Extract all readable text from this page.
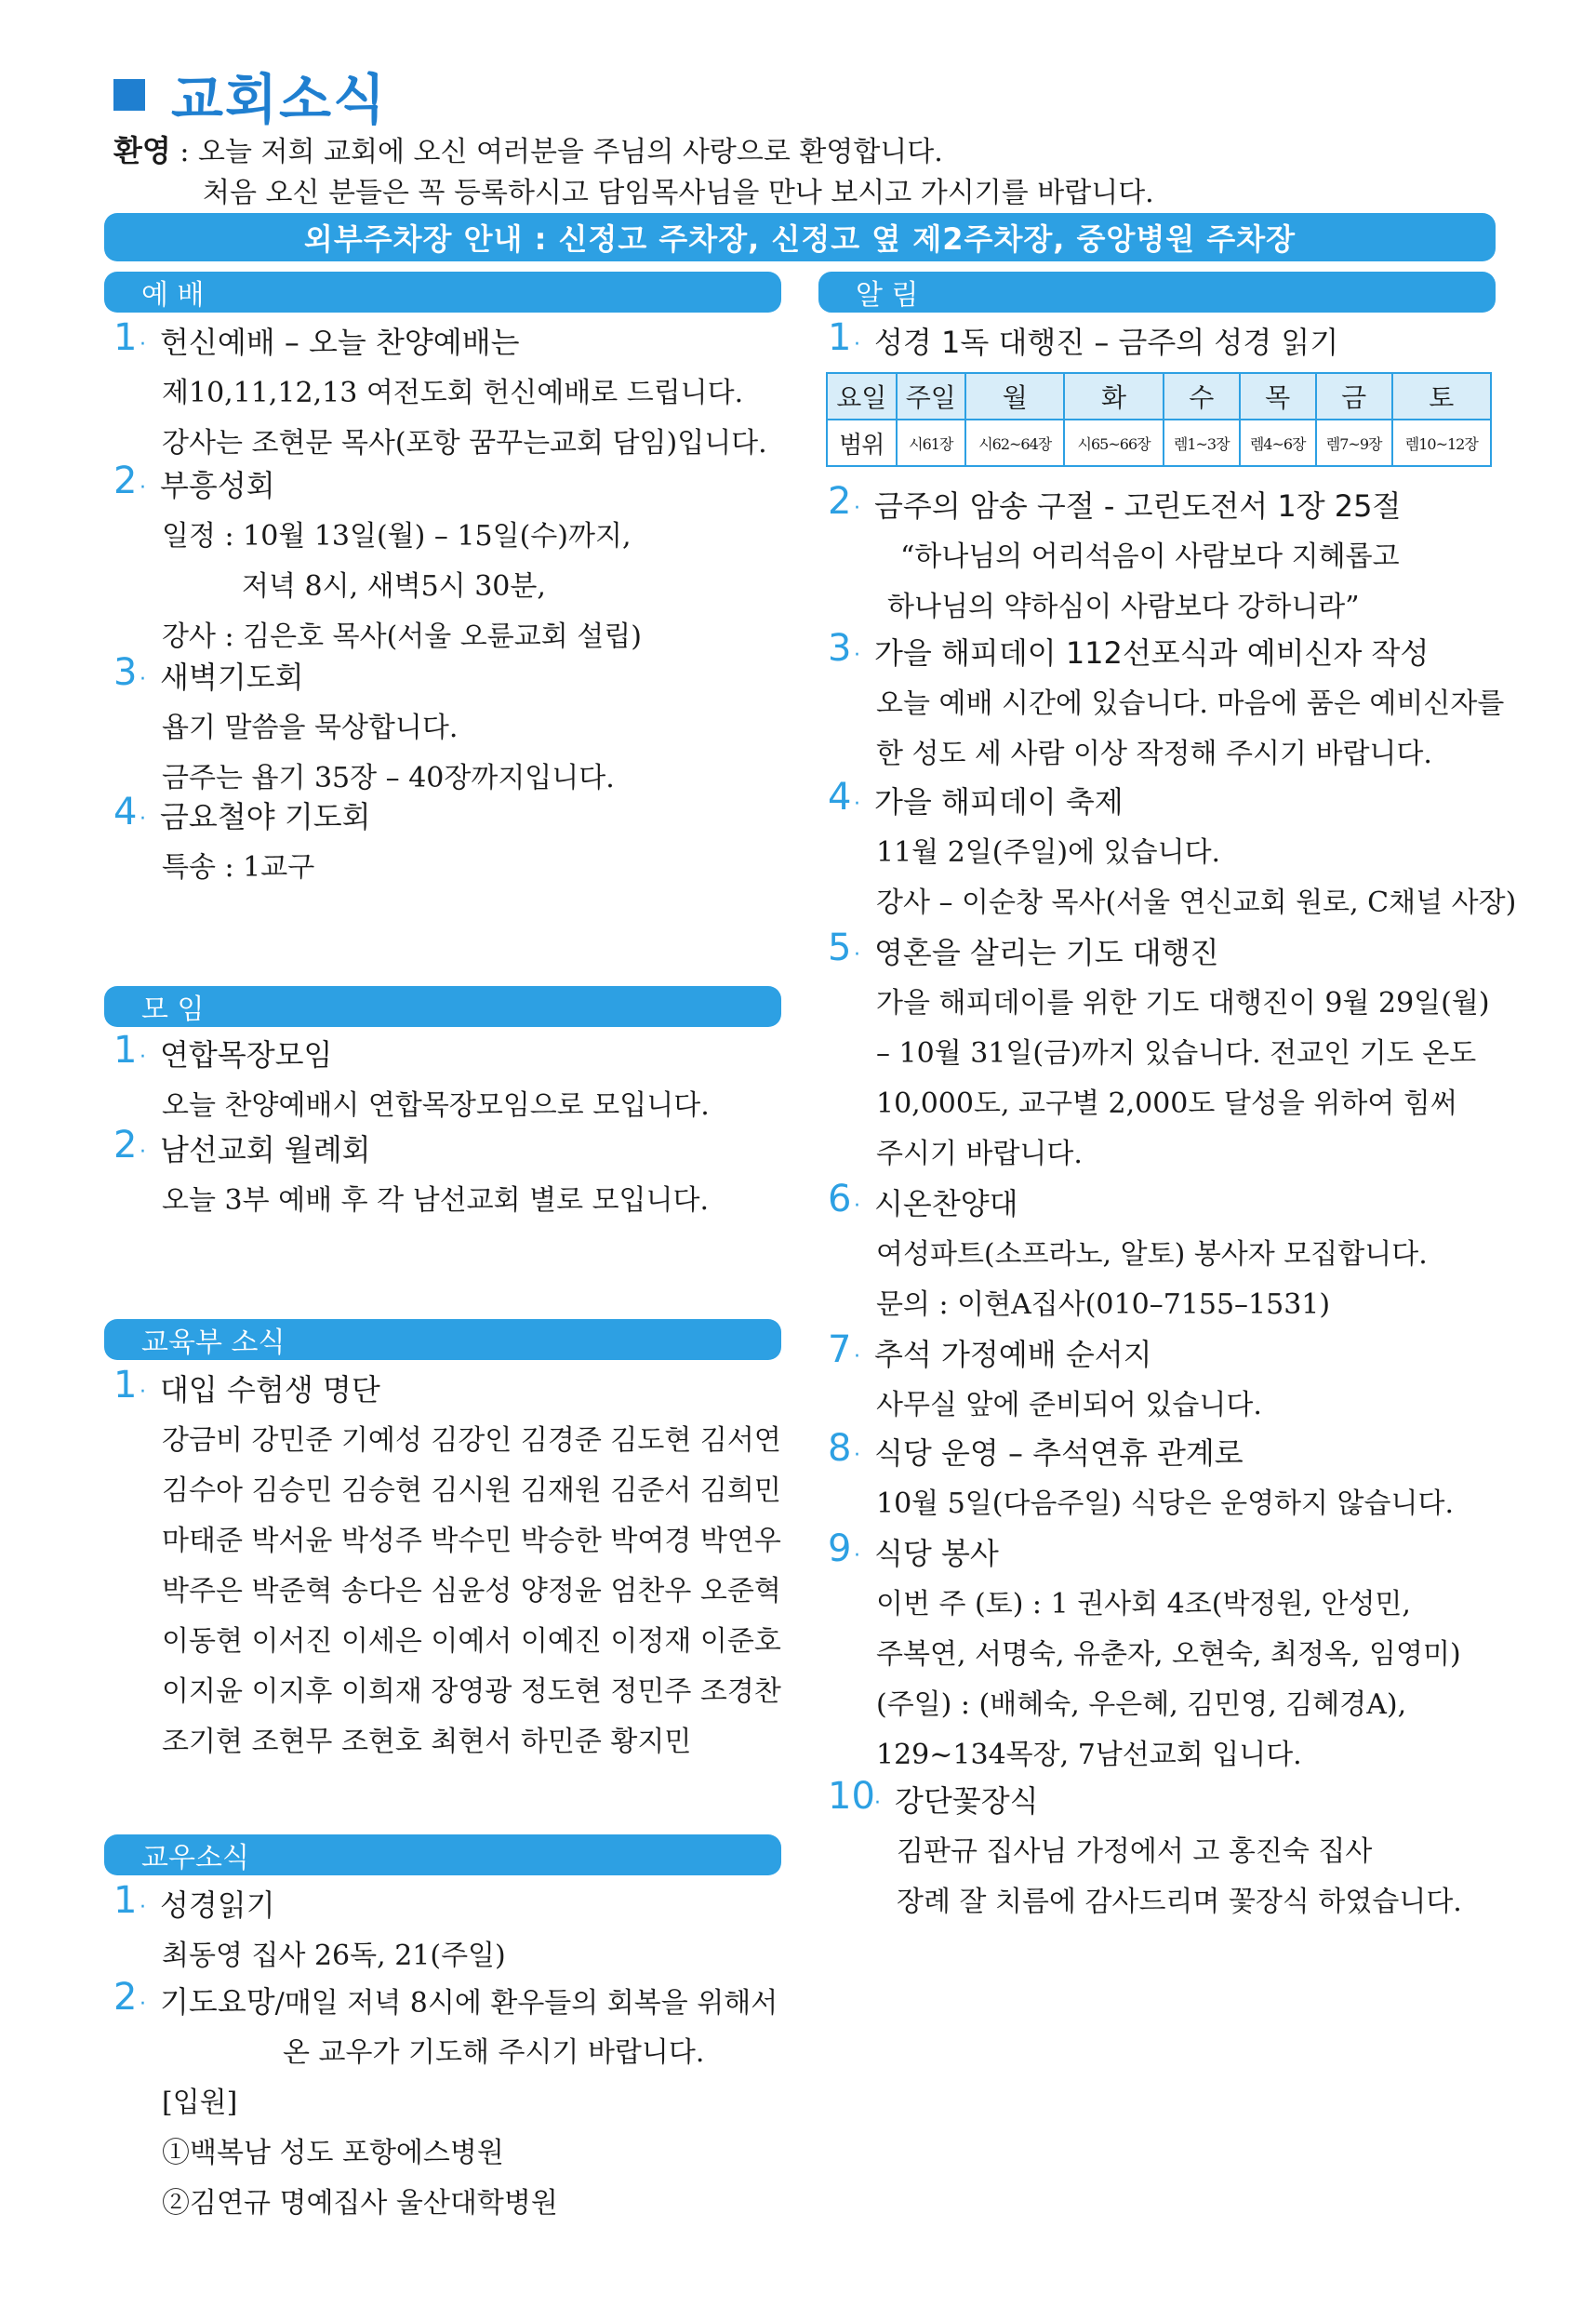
교회소식
환영 : 오늘 저희 교회에 오신 여러분을 주님의 사랑으로 환영합니다.
처음 오신 분들은 꼭 등록하시고 담임목사님을 만나 보시고 가시기를 바랍니다.
외부주차장 안내 : 신정고 주차장, 신정고 옆 제2주차장, 중앙병원 주차장
예 배
1 · 헌신예배 – 오늘 찬양예배는
제10,11,12,13 여전도회 헌신예배로 드립니다.
강사는 조현문 목사(포항 꿈꾸는교회 담임)입니다.
2 · 부흥성회
일정 : 10월 13일(월) – 15일(수)까지,
저녁 8시, 새벽5시 30분,
강사 : 김은호 목사(서울 오륜교회 설립)
3 · 새벽기도회
욥기 말씀을 묵상합니다.
금주는 욥기 35장 – 40장까지입니다.
4 · 금요철야 기도회
특송 : 1교구
모 임
1 · 연합목장모임
오늘 찬양예배시 연합목장모임으로 모입니다.
2 · 남선교회 월례회
오늘 3부 예배 후 각 남선교회 별로 모입니다.
교육부 소식
1 · 대입 수험생 명단
강금비 강민준 기예성 김강인 김경준 김도현 김서연
김수아 김승민 김승현 김시원 김재원 김준서 김희민
마태준 박서윤 박성주 박수민 박승한 박여경 박연우
박주은 박준혁 송다은 심윤성 양정윤 엄찬우 오준혁
이동현 이서진 이세은 이예서 이예진 이정재 이준호
이지윤 이지후 이희재 장영광 정도현 정민주 조경찬
조기현 조현무 조현호 최현서 하민준 황지민
교우소식
1 · 성경읽기
최동영 집사 26독, 21(주일)
2 · 기도요망/매일 저녁 8시에 환우들의 회복을 위해서
온 교우가 기도해 주시기 바랍니다.
[입원]
①백복남 성도 포항에스병원
②김연규 명예집사 울산대학병원
알 림
1 · 성경 1독 대행진 – 금주의 성경 읽기
요일	주일	월	화	수	목	금	토
범위	시61장	시62~64장	시65~66장	렘1~3장	렘4~6장	렘7~9장	렘10~12장
2 · 금주의 암송 구절 - 고린도전서 1장 25절
“하나님의 어리석음이 사람보다 지혜롭고
하나님의 약하심이 사람보다 강하니라”
3 · 가을 해피데이 112선포식과 예비신자 작성
오늘 예배 시간에 있습니다. 마음에 품은 예비신자를
한 성도 세 사람 이상 작정해 주시기 바랍니다.
4 · 가을 해피데이 축제
11월 2일(주일)에 있습니다.
강사 – 이순창 목사(서울 연신교회 원로, C채널 사장)
5 · 영혼을 살리는 기도 대행진
가을 해피데이를 위한 기도 대행진이 9월 29일(월)
– 10월 31일(금)까지 있습니다. 전교인 기도 온도
10,000도, 교구별 2,000도 달성을 위하여 힘써
주시기 바랍니다.
6 · 시온찬양대
여성파트(소프라노, 알토) 봉사자 모집합니다.
문의 : 이현A집사(010–7155–1531)
7 · 추석 가정예배 순서지
사무실 앞에 준비되어 있습니다.
8 · 식당 운영 – 추석연휴 관계로
10월 5일(다음주일) 식당은 운영하지 않습니다.
9 · 식당 봉사
이번 주 (토) : 1 권사회 4조(박정원, 안성민,
주복연, 서명숙, 유춘자, 오현숙, 최정옥, 임영미)
(주일) : (배혜숙, 우은혜, 김민영, 김혜경A),
129~134목장, 7남선교회 입니다.
10 · 강단꽃장식
김판규 집사님 가정에서 고 홍진숙 집사
장례 잘 치름에 감사드리며 꽃장식 하였습니다.
